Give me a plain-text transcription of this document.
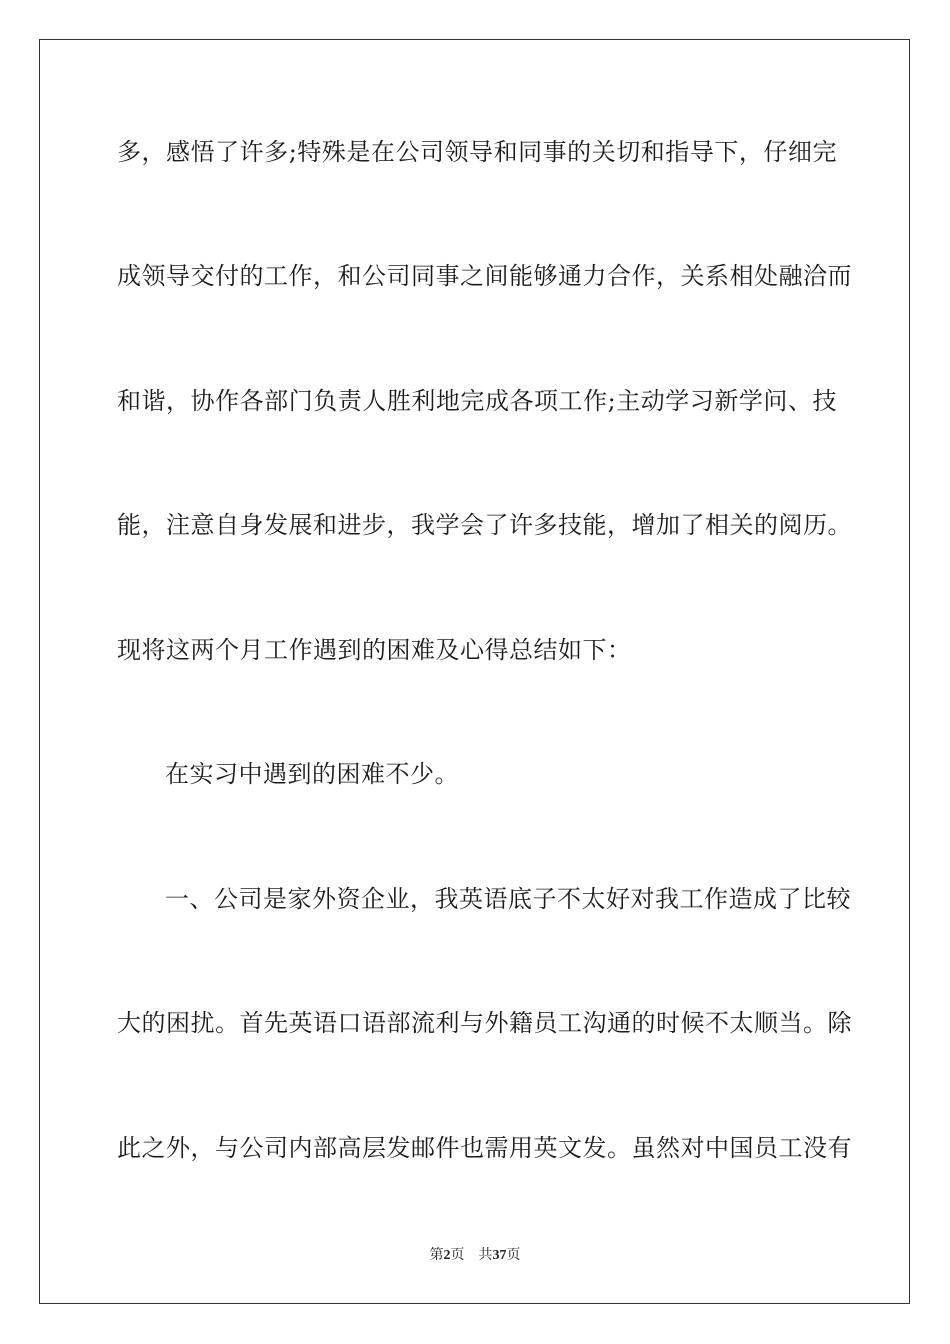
多，感悟了许多;特殊是在公司领导和同事的关切和指导下，仔细完
成领导交付的工作，和公司同事之间能够通力合作，关系相处融洽而
和谐，协作各部门负责人胜利地完成各项工作;主动学习新学问、技
能，注意自身发展和进步，我学会了许多技能，增加了相关的阅历。
现将这两个月工作遇到的困难及心得总结如下：
在实习中遇到的困难不少。
一、公司是家外资企业，我英语底子不太好对我工作造成了比较
大的困扰。首先英语口语部流利与外籍员工沟通的时候不太顺当。除
此之外，与公司内部高层发邮件也需用英文发。虽然对中国员工没有
第2页 共37页
